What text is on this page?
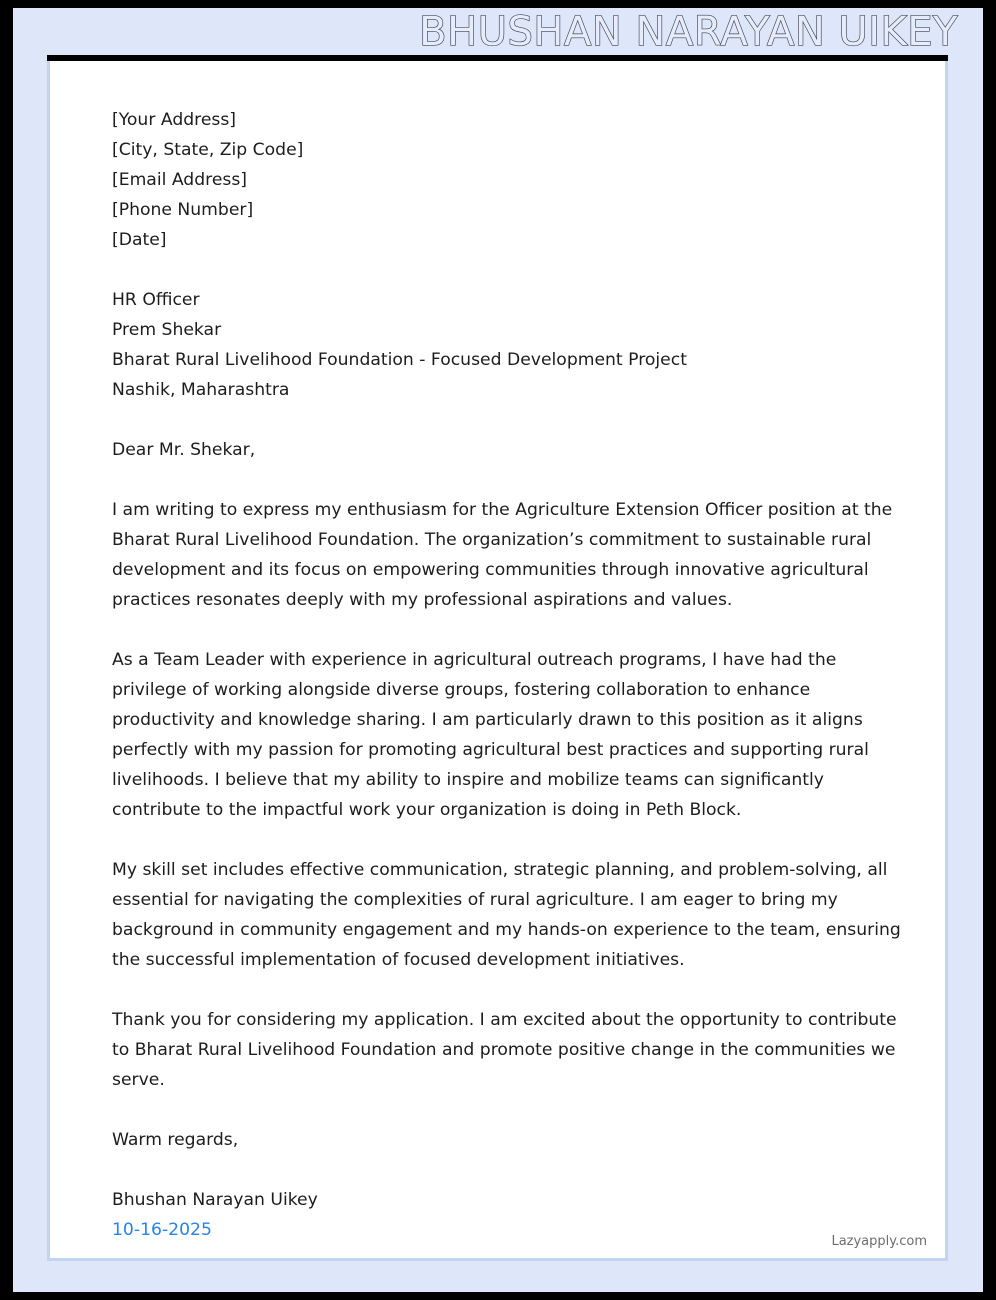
BHUSHAN NARAYAN UIKEY
[Your Address]
[City, State, Zip Code]
[Email Address]
[Phone Number]
[Date]
HR Officer
Prem Shekar
Bharat Rural Livelihood Foundation - Focused Development Project
Nashik, Maharashtra
Dear Mr. Shekar,

I am writing to express my enthusiasm for the Agriculture Extension Officer position at the Bharat Rural Livelihood Foundation. The organization’s commitment to sustainable rural development and its focus on empowering communities through innovative agricultural practices resonates deeply with my professional aspirations and values.

As a Team Leader with experience in agricultural outreach programs, I have had the privilege of working alongside diverse groups, fostering collaboration to enhance productivity and knowledge sharing. I am particularly drawn to this position as it aligns perfectly with my passion for promoting agricultural best practices and supporting rural livelihoods. I believe that my ability to inspire and mobilize teams can significantly contribute to the impactful work your organization is doing in Peth Block.

My skill set includes effective communication, strategic planning, and problem-solving, all essential for navigating the complexities of rural agriculture. I am eager to bring my background in community engagement and my hands-on experience to the team, ensuring the successful implementation of focused development initiatives.

Thank you for considering my application. I am excited about the opportunity to contribute to Bharat Rural Livelihood Foundation and promote positive change in the communities we serve.

Warm regards,
Bhushan Narayan Uikey
10-16-2025
Lazyapply.com
